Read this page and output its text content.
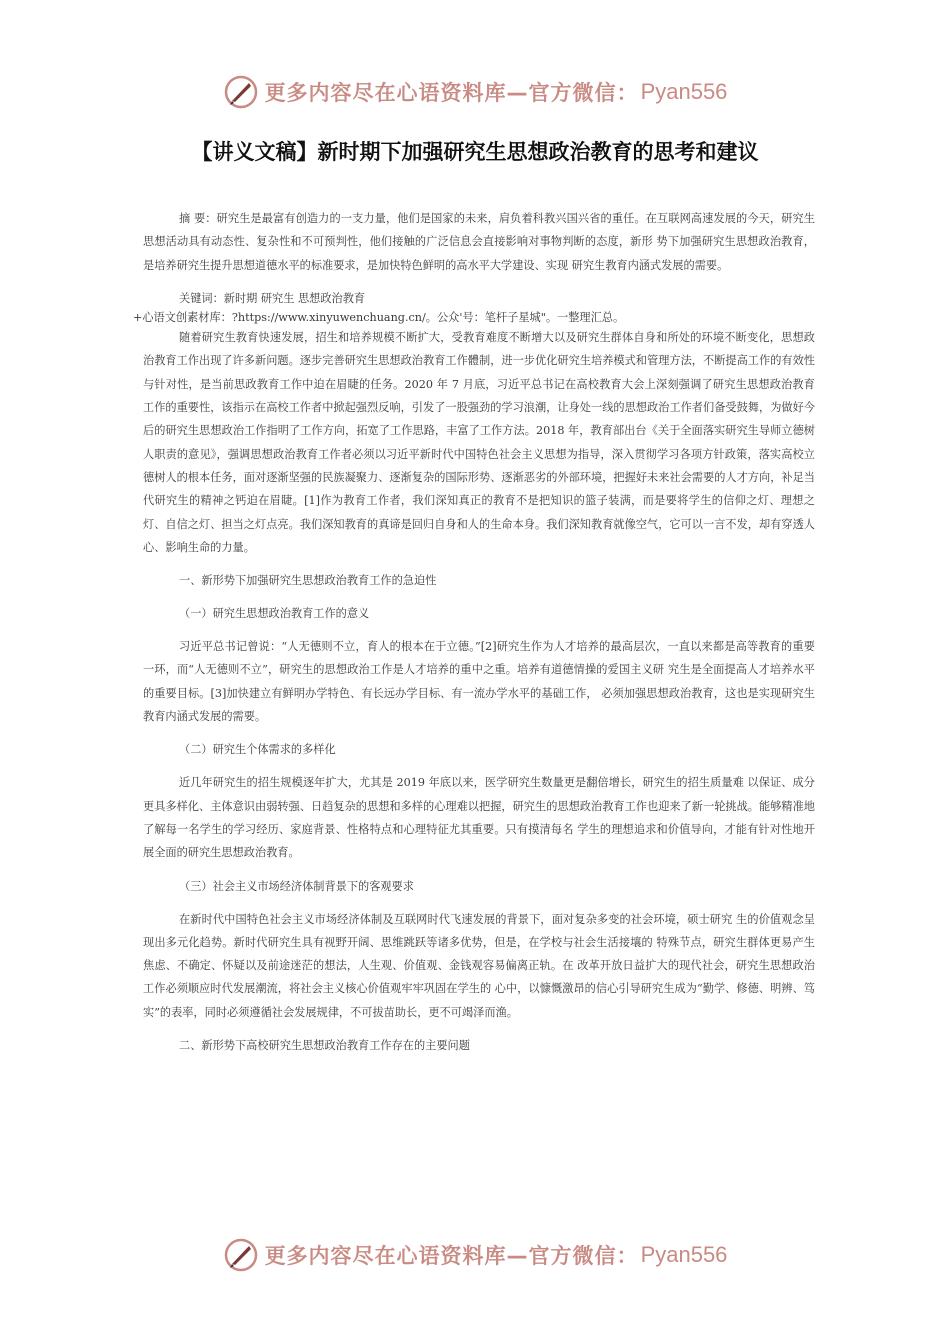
更多内容尽在心语资料库—官方微信： Pyan556
【讲义文稿】新时期下加强研究生思想政治教育的思考和建议

摘 要：研究生是最富有创造力的一支力量，他们是国家的未来，肩负着科教兴国兴省的重任。在互联网高速发展的今天，研究生思想活动具有动态性、复杂性和不可预判性，他们接触的广泛信息会直接影响对事物判断的态度，新形 势下加强研究生思想政治教育，是培养研究生提升思想道德水平的标准要求，是加快特色鲜明的高水平大学建设、实现 研究生教育内涵式发展的需要。

关键词：新时期 研究生 思想政治教育

+心语文创素材库：?https://www.xinyuwenchuang.cn/。公众'号：笔杆子星城"。一整理汇总。

随着研究生教育快速发展，招生和培养规模不断扩大，受教育难度不断增大以及研究生群体自身和所处的环境不断变化，思想政治教育工作出现了许多新问题。逐步完善研究生思想政治教育工作體制，进一步优化研究生培养模式和管理方法，不断提高工作的有效性与针对性，是当前思政教育工作中迫在眉睫的任务。2020 年 7 月底，习近平总书记在高校教育大会上深刻强调了研究生思想政治教育工作的重要性，该指示在高校工作者中掀起强烈反响，引发了一股强劲的学习浪潮，让身处一线的思想政治工作者们备受鼓舞，为做好今后的研究生思想政治工作指明了工作方向，拓宽了工作思路，丰富了工作方法。2018 年，教育部出台《关于全面落实研究生导师立德树人职责的意见》，强调思想政治教育工作者必须以习近平新时代中国特色社会主义思想为指导，深入贯彻学习各项方针政策，落实高校立德树人的根本任务，面对逐渐坚强的民族凝聚力、逐渐复杂的国际形势、逐渐恶劣的外部环境，把握好未来社会需要的人才方向，补足当代研究生的精神之钙迫在眉睫。[1]作为教育工作者，我们深知真正的教育不是把知识的篮子装满，而是要将学生的信仰之灯、理想之灯、自信之灯、担当之灯点亮。我们深知教育的真谛是回归自身和人的生命本身。我们深知教育就像空气，它可以一言不发，却有穿透人心、影响生命的力量。

一、新形势下加强研究生思想政治教育工作的急迫性

（一）研究生思想政治教育工作的意义

习近平总书记曾说：“人无德则不立，育人的根本在于立德。”[2]研究生作为人才培养的最高层次，一直以来都是高等教育的重要一环，而“人无德则不立”，研究生的思想政治工作是人才培养的重中之重。培养有道德情操的爱国主义研 究生是全面提高人才培养水平的重要目标。[3]加快建立有鲜明办学特色、有长远办学目标、有一流办学水平的基础工作， 必须加强思想政治教育，这也是实现研究生教育内涵式发展的需要。

（二）研究生个体需求的多样化

近几年研究生的招生规模逐年扩大，尤其是 2019 年底以来，医学研究生数量更是翻倍增长，研究生的招生质量难 以保证、成分更具多样化、主体意识由弱转强、日趋复杂的思想和多样的心理难以把握，研究生的思想政治教育工作也迎来了新一轮挑战。能够精准地了解每一名学生的学习经历、家庭背景、性格特点和心理特征尤其重要。只有摸清每名 学生的理想追求和价值导向，才能有针对性地开展全面的研究生思想政治教育。

（三）社会主义市场经济体制背景下的客观要求

在新时代中国特色社会主义市场经济体制及互联网时代飞速发展的背景下，面对复杂多变的社会环境，硕士研究 生的价值观念呈现出多元化趋势。新时代研究生具有视野开阔、思维跳跃等诸多优势，但是，在学校与社会生活接壤的 特殊节点，研究生群体更易产生焦虑、不确定、怀疑以及前途迷茫的想法，人生观、价值观、金钱观容易偏离正轨。在 改革开放日益扩大的现代社会，研究生思想政治工作必须顺应时代发展潮流，将社会主义核心价值观牢牢巩固在学生的 心中，以慷慨激昂的信心引导研究生成为“勤学、修德、明辨、笃实”的表率，同时必须遵循社会发展规律，不可拔苗助长，更不可竭泽而渔。

二、新形势下高校研究生思想政治教育工作存在的主要问题

更多内容尽在心语资料库—官方微信： Pyan556
